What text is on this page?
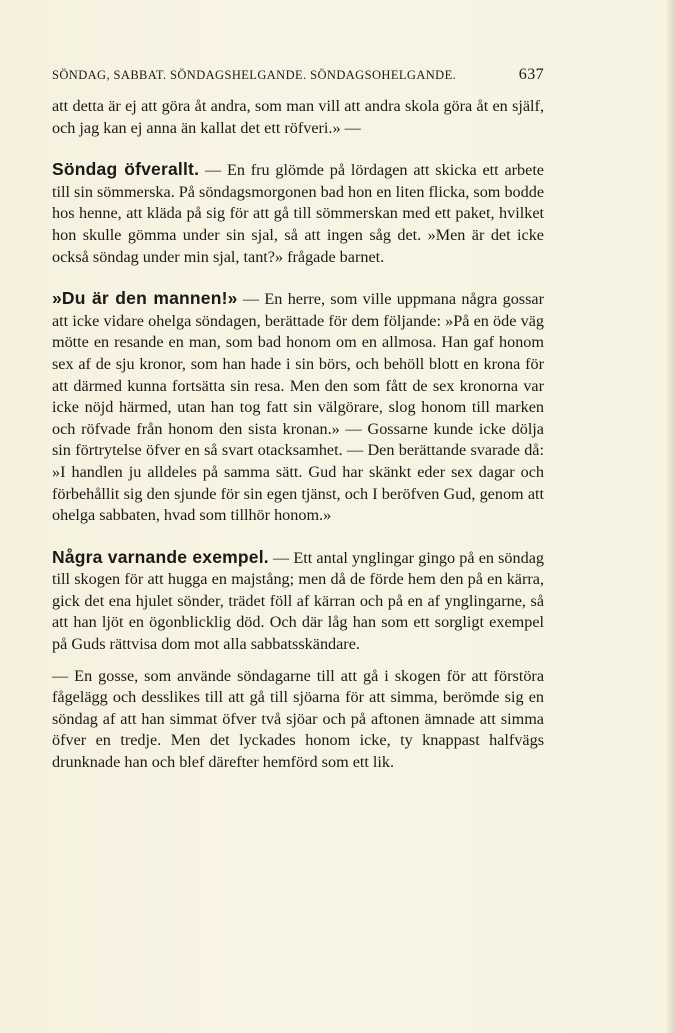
SÖNDAG, SABBAT. SÖNDAGSHELGANDE. SÖNDAGSOHELGANDE.	637

att detta är ej att göra åt andra, som man vill att andra skola göra åt en själf, och jag kan ej anna än kallat det ett röfveri.» —

Söndag öfverallt. — En fru glömde på lördagen att skicka ett arbete till sin sömmerska. På söndagsmorgonen bad hon en liten flicka, som bodde hos henne, att kläda på sig för att gå till sömmerskan med ett paket, hvilket hon skulle gömma under sin sjal, så att ingen såg det. »Men är det icke också söndag under min sjal, tant?» frågade barnet.

»Du är den mannen!» — En herre, som ville uppmana några gossar att icke vidare ohelga söndagen, berättade för dem följande: »På en öde väg mötte en resande en man, som bad honom om en allmosa. Han gaf honom sex af de sju kronor, som han hade i sin börs, och behöll blott en krona för att därmed kunna fortsätta sin resa. Men den som fått de sex kronorna var icke nöjd härmed, utan han tog fatt sin välgörare, slog honom till marken och röfvade från honom den sista kronan.» — Gossarne kunde icke dölja sin förtrytelse öfver en så svart otacksamhet. — Den berättande svarade då: »I handlen ju alldeles på samma sätt. Gud har skänkt eder sex dagar och förbehållit sig den sjunde för sin egen tjänst, och I beröfven Gud, genom att ohelga sabbaten, hvad som tillhör honom.»

Några varnande exempel. — Ett antal ynglingar gingo på en söndag till skogen för att hugga en majstång; men då de förde hem den på en kärra, gick det ena hjulet sönder, trädet föll af kärran och på en af ynglingarne, så att han ljöt en ögonblicklig död. Och där låg han som ett sorgligt exempel på Guds rättvisa dom mot alla sabbatsskändare.

— En gosse, som använde söndagarne till att gå i skogen för att förstöra fågelägg och desslikes till att gå till sjöarna för att simma, berömde sig en söndag af att han simmat öfver två sjöar och på aftonen ämnade att simma öfver en tredje. Men det lyckades honom icke, ty knappast halfvägs drunknade han och blef därefter hemförd som ett lik.
